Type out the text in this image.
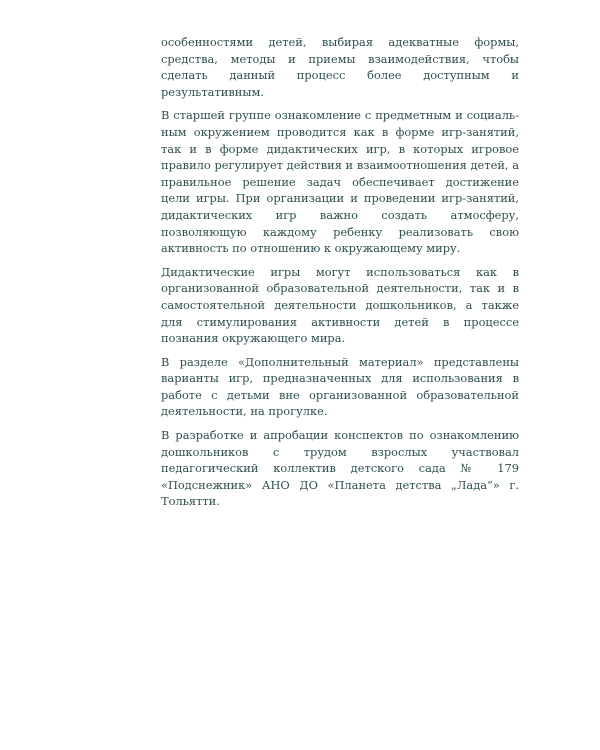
особенностями детей, выбирая адекватные формы, средства, методы и приемы взаимодействия, чтобы сделать данный процесс более доступным и результативным.

В старшей группе ознакомление с предметным и социальным окружением проводится как в форме игр-занятий, так и в форме дидактических игр, в которых игровое правило регулирует действия и взаимоотношения детей, а правильное решение задач обеспечивает достижение цели игры. При организации и проведении игр-занятий, дидактических игр важно создать атмосферу, позволяющую каждому ребенку реализовать свою активность по отношению к окружающему миру.

Дидактические игры могут использоваться как в организованной образовательной деятельности, так и в самостоятельной деятельности дошкольников, а также для стимулирования активности детей в процессе познания окружающего мира.

В разделе «Дополнительный материал» представлены варианты игр, предназначенных для использования в работе с детьми вне организованной образовательной деятельности, на прогулке.

В разработке и апробации конспектов по ознакомлению дошкольников с трудом взрослых участвовал педагогический коллектив детского сада № 179 «Подснежник» АНО ДО «Планета детства „Лада“» г. Тольятти.
